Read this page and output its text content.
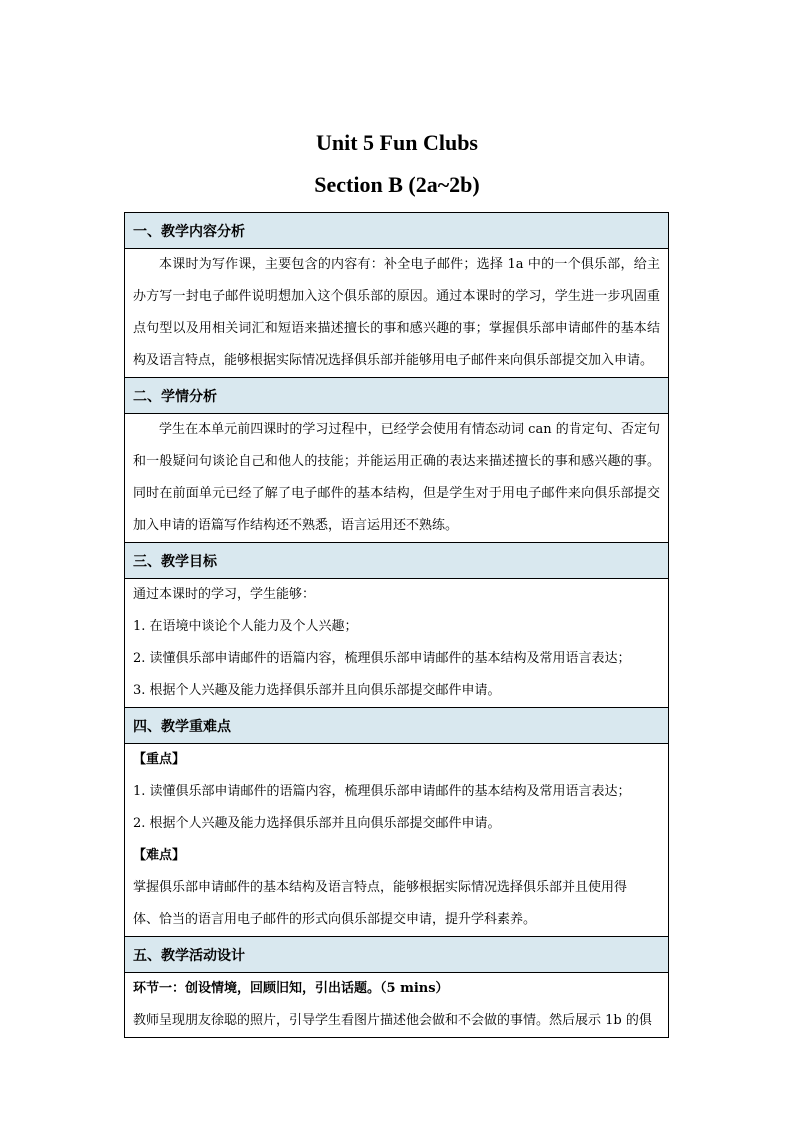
Unit 5 Fun Clubs
Section B (2a~2b)
一、教学内容分析

本课时为写作课，主要包含的内容有：补全电子邮件；选择 1a 中的一个俱乐部，给主办方写一封电子邮件说明想加入这个俱乐部的原因。通过本课时的学习，学生进一步巩固重点句型以及用相关词汇和短语来描述擅长的事和感兴趣的事；掌握俱乐部申请邮件的基本结构及语言特点，能够根据实际情况选择俱乐部并能够用电子邮件来向俱乐部提交加入申请。

二、学情分析

学生在本单元前四课时的学习过程中，已经学会使用有情态动词 can 的肯定句、否定句和一般疑问句谈论自己和他人的技能；并能运用正确的表达来描述擅长的事和感兴趣的事。同时在前面单元已经了解了电子邮件的基本结构，但是学生对于用电子邮件来向俱乐部提交加入申请的语篇写作结构还不熟悉，语言运用还不熟练。

三、教学目标

通过本课时的学习，学生能够：

1. 在语境中谈论个人能力及个人兴趣；

2. 读懂俱乐部申请邮件的语篇内容，梳理俱乐部申请邮件的基本结构及常用语言表达；

3. 根据个人兴趣及能力选择俱乐部并且向俱乐部提交邮件申请。

四、教学重难点

【重点】

1. 读懂俱乐部申请邮件的语篇内容，梳理俱乐部申请邮件的基本结构及常用语言表达；

2. 根据个人兴趣及能力选择俱乐部并且向俱乐部提交邮件申请。

【难点】

掌握俱乐部申请邮件的基本结构及语言特点，能够根据实际情况选择俱乐部并且使用得

体、恰当的语言用电子邮件的形式向俱乐部提交申请，提升学科素养。

五、教学活动设计

环节一：创设情境，回顾旧知，引出话题。（5 mins）

教师呈现朋友徐聪的照片，引导学生看图片描述他会做和不会做的事情。然后展示 1b 的俱
